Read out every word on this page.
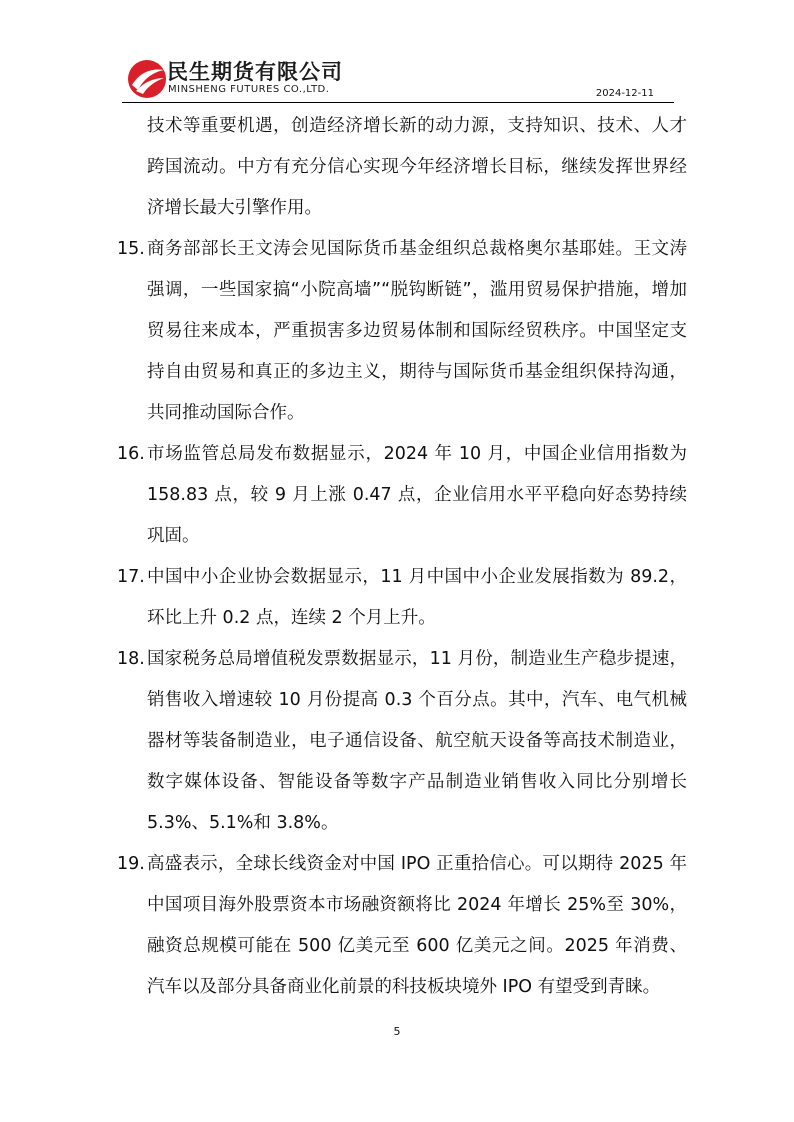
民生期货有限公司
MINSHENG FUTURES CO.,LTD.	2024-12-11
技术等重要机遇，创造经济增长新的动力源，支持知识、技术、人才跨国流动。中方有充分信心实现今年经济增长目标，继续发挥世界经济增长最大引擎作用。
15. 商务部部长王文涛会见国际货币基金组织总裁格奥尔基耶娃。王文涛强调，一些国家搞“小院高墙”“脱钩断链”，滥用贸易保护措施，增加贸易往来成本，严重损害多边贸易体制和国际经贸秩序。中国坚定支持自由贸易和真正的多边主义，期待与国际货币基金组织保持沟通，共同推动国际合作。
16. 市场监管总局发布数据显示，2024 年 10 月，中国企业信用指数为 158.83 点，较 9 月上涨 0.47 点，企业信用水平平稳向好态势持续巩固。
17. 中国中小企业协会数据显示，11 月中国中小企业发展指数为 89.2，环比上升 0.2 点，连续 2 个月上升。
18. 国家税务总局增值税发票数据显示，11 月份，制造业生产稳步提速，销售收入增速较 10 月份提高 0.3 个百分点。其中，汽车、电气机械器材等装备制造业，电子通信设备、航空航天设备等高技术制造业，数字媒体设备、智能设备等数字产品制造业销售收入同比分别增长 5.3%、5.1%和 3.8%。
19. 高盛表示，全球长线资金对中国 IPO 正重拾信心。可以期待 2025 年中国项目海外股票资本市场融资额将比 2024 年增长 25%至 30%，融资总规模可能在 500 亿美元至 600 亿美元之间。2025 年消费、汽车以及部分具备商业化前景的科技板块境外 IPO 有望受到青睐。
5
